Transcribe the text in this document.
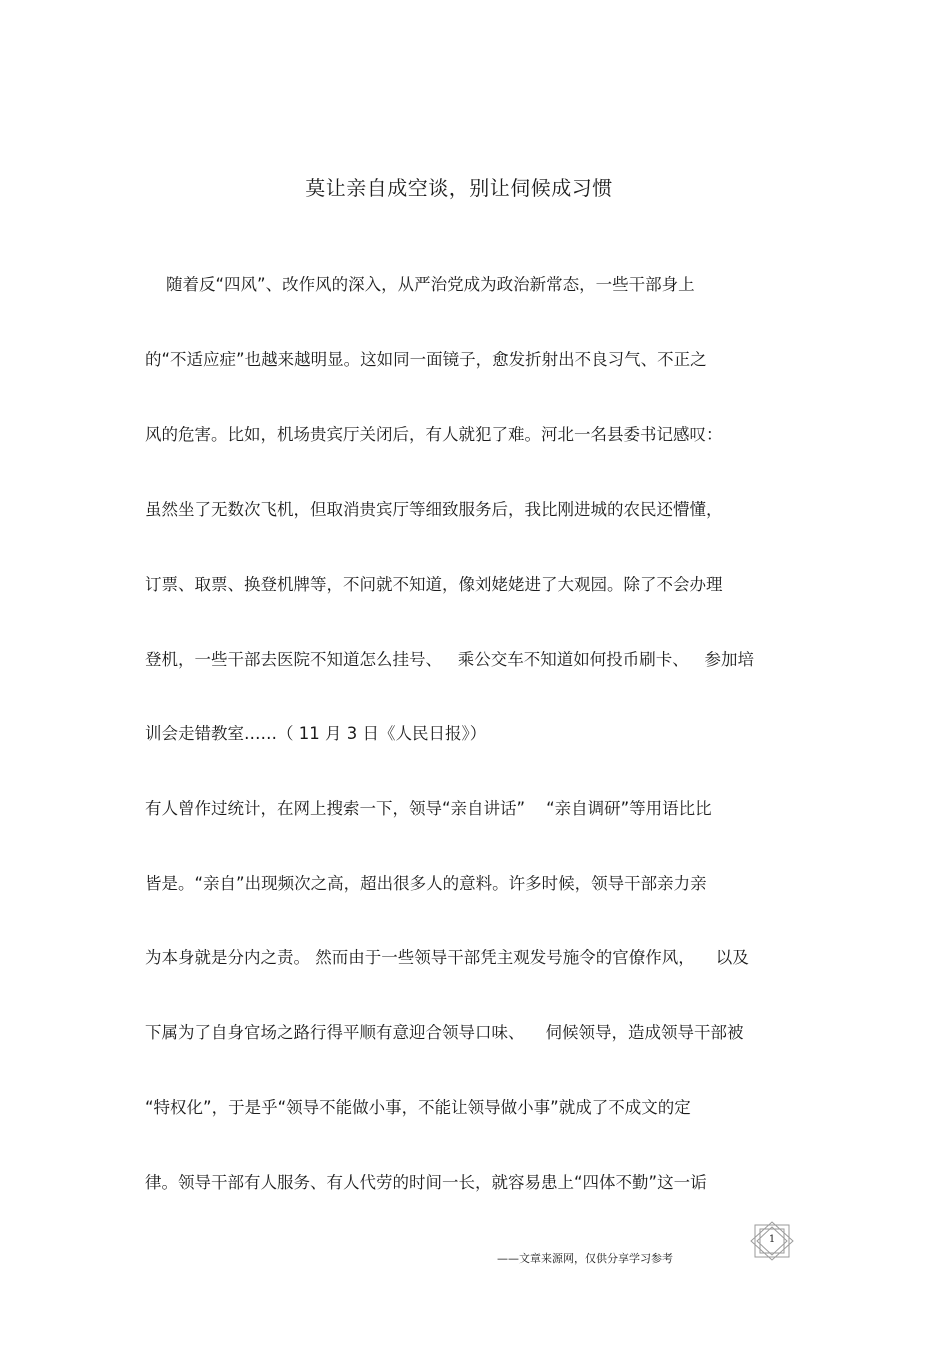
莫让亲自成空谈，别让伺候成习惯
随着反“四风”、改作风的深入，从严治党成为政治新常态，一些干部身上
的“不适应症”也越来越明显。这如同一面镜子，愈发折射出不良习气、不正之
风的危害。比如，机场贵宾厅关闭后，有人就犯了难。河北一名县委书记感叹：
虽然坐了无数次飞机，但取消贵宾厅等细致服务后，我比刚进城的农民还懵懂，
订票、取票、换登机牌等，不问就不知道，像刘姥姥进了大观园。除了不会办理
登机，一些干部去医院不知道怎么挂号、   乘公交车不知道如何投币刷卡、   参加培
训会走错教室……（ 11 月 3 日《人民日报》）
有人曾作过统计，在网上搜索一下，领导“亲自讲话”    “亲自调研”等用语比比
皆是。“亲自”出现频次之高，超出很多人的意料。许多时候，领导干部亲力亲
为本身就是分内之责。 然而由于一些领导干部凭主观发号施令的官僚作风，    以及
下属为了自身官场之路行得平顺有意迎合领导口味、    伺候领导，造成领导干部被
“特权化”，于是乎“领导不能做小事，不能让领导做小事”就成了不成文的定
律。领导干部有人服务、有人代劳的时间一长，就容易患上“四体不勤”这一诟
1
——文章来源网，仅供分享学习参考
